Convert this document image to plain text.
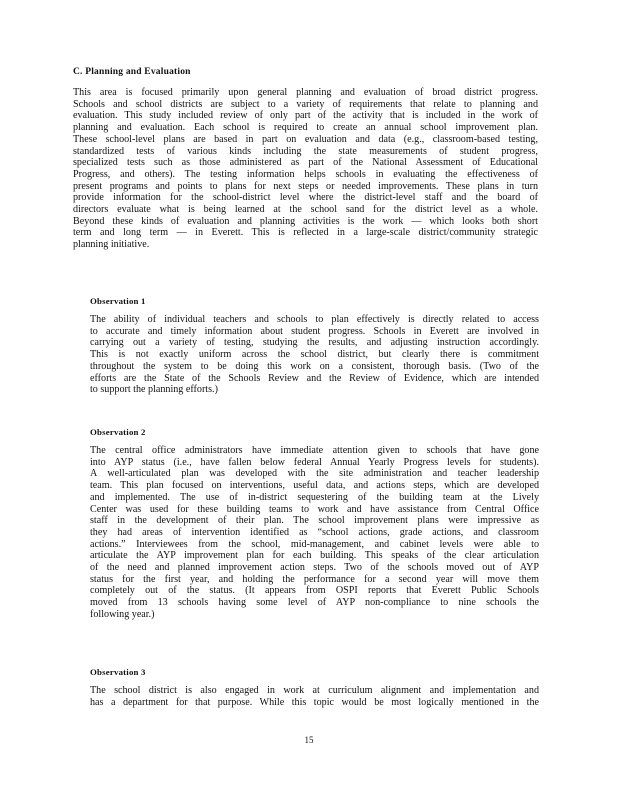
C. Planning and Evaluation
This area is focused primarily upon general planning and evaluation of broad district progress.
Schools and school districts are subject to a variety of requirements that relate to planning and
evaluation. This study included review of only part of the activity that is included in the work of
planning and evaluation. Each school is required to create an annual school improvement plan.
These school-level plans are based in part on evaluation and data (e.g., classroom-based testing,
standardized tests of various kinds including the state measurements of student progress,
specialized tests such as those administered as part of the National Assessment of Educational
Progress, and others). The testing information helps schools in evaluating the effectiveness of
present programs and points to plans for next steps or needed improvements. These plans in turn
provide information for the school-district level where the district-level staff and the board of
directors evaluate what is being learned at the school sand for the district level as a whole.
Beyond these kinds of evaluation and planning activities is the work — which looks both short
term and long term — in Everett. This is reflected in a large-scale district/community strategic
planning initiative.
Observation 1
The ability of individual teachers and schools to plan effectively is directly related to access
to accurate and timely information about student progress. Schools in Everett are involved in
carrying out a variety of testing, studying the results, and adjusting instruction accordingly.
This is not exactly uniform across the school district, but clearly there is commitment
throughout the system to be doing this work on a consistent, thorough basis. (Two of the
efforts are the State of the Schools Review and the Review of Evidence, which are intended
to support the planning efforts.)
Observation 2
The central office administrators have immediate attention given to schools that have gone
into AYP status (i.e., have fallen below federal Annual Yearly Progress levels for students).
A well-articulated plan was developed with the site administration and teacher leadership
team. This plan focused on interventions, useful data, and actions steps, which are developed
and implemented. The use of in-district sequestering of the building team at the Lively
Center was used for these building teams to work and have assistance from Central Office
staff in the development of their plan. The school improvement plans were impressive as
they had areas of intervention identified as “school actions, grade actions, and classroom
actions.” Interviewees from the school, mid-management, and cabinet levels were able to
articulate the AYP improvement plan for each building. This speaks of the clear articulation
of the need and planned improvement action steps. Two of the schools moved out of AYP
status for the first year, and holding the performance for a second year will move them
completely out of the status. (It appears from OSPI reports that Everett Public Schools
moved from 13 schools having some level of AYP non-compliance to nine schools the
following year.)
Observation 3
The school district is also engaged in work at curriculum alignment and implementation and
has a department for that purpose. While this topic would be most logically mentioned in the
15
